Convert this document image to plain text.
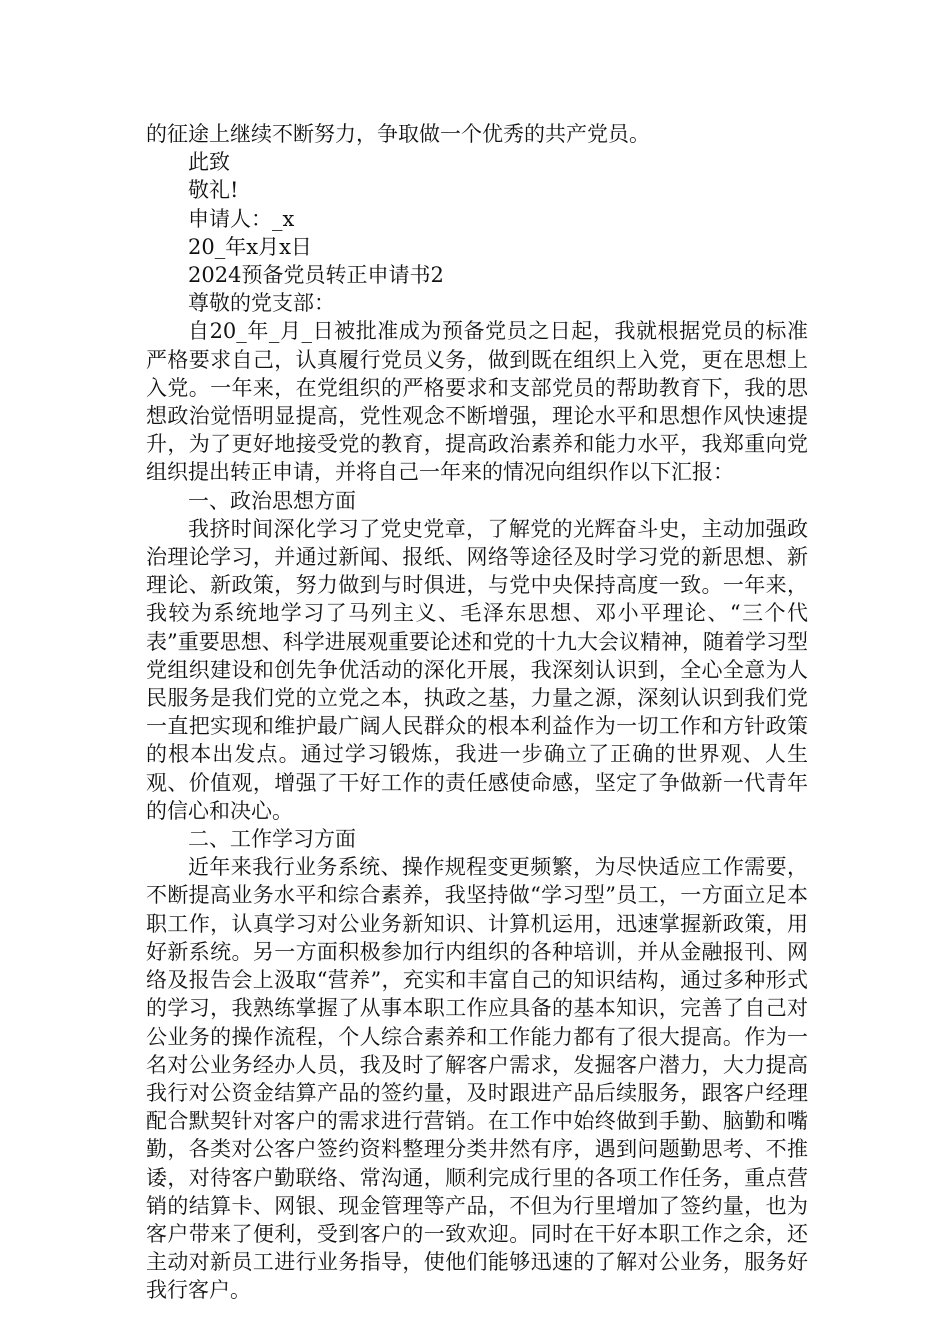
的征途上继续不断努力，争取做一个优秀的共产党员。

此致

敬礼!

申请人：_x

20_年x月x日

2024预备党员转正申请书2

尊敬的党支部：

自20_年_月_日被批准成为预备党员之日起，我就根据党员的标准严格要求自己，认真履行党员义务，做到既在组织上入党，更在思想上入党。一年来，在党组织的严格要求和支部党员的帮助教育下，我的思想政治觉悟明显提高，党性观念不断增强，理论水平和思想作风快速提升，为了更好地接受党的教育，提高政治素养和能力水平，我郑重向党组织提出转正申请，并将自己一年来的情况向组织作以下汇报：

一、政治思想方面

我挤时间深化学习了党史党章，了解党的光辉奋斗史，主动加强政治理论学习，并通过新闻、报纸、网络等途径及时学习党的新思想、新理论、新政策，努力做到与时俱进，与党中央保持高度一致。一年来，我较为系统地学习了马列主义、毛泽东思想、邓小平理论、“三个代表”重要思想、科学进展观重要论述和党的十九大会议精神，随着学习型党组织建设和创先争优活动的深化开展，我深刻认识到，全心全意为人民服务是我们党的立党之本，执政之基，力量之源，深刻认识到我们党一直把实现和维护最广阔人民群众的根本利益作为一切工作和方针政策的根本出发点。通过学习锻炼，我进一步确立了正确的世界观、人生观、价值观，增强了干好工作的责任感使命感，坚定了争做新一代青年的信心和决心。

二、工作学习方面

近年来我行业务系统、操作规程变更频繁，为尽快适应工作需要，不断提高业务水平和综合素养，我坚持做“学习型”员工，一方面立足本职工作，认真学习对公业务新知识、计算机运用，迅速掌握新政策，用好新系统。另一方面积极参加行内组织的各种培训，并从金融报刊、网络及报告会上汲取“营养”，充实和丰富自己的知识结构，通过多种形式的学习，我熟练掌握了从事本职工作应具备的基本知识，完善了自己对公业务的操作流程，个人综合素养和工作能力都有了很大提高。作为一名对公业务经办人员，我及时了解客户需求，发掘客户潜力，大力提高我行对公资金结算产品的签约量，及时跟进产品后续服务，跟客户经理配合默契针对客户的需求进行营销。在工作中始终做到手勤、脑勤和嘴勤，各类对公客户签约资料整理分类井然有序，遇到问题勤思考、不推诿，对待客户勤联络、常沟通，顺利完成行里的各项工作任务，重点营销的结算卡、网银、现金管理等产品，不但为行里增加了签约量，也为客户带来了便利，受到客户的一致欢迎。同时在干好本职工作之余，还主动对新员工进行业务指导，使他们能够迅速的了解对公业务，服务好我行客户。
